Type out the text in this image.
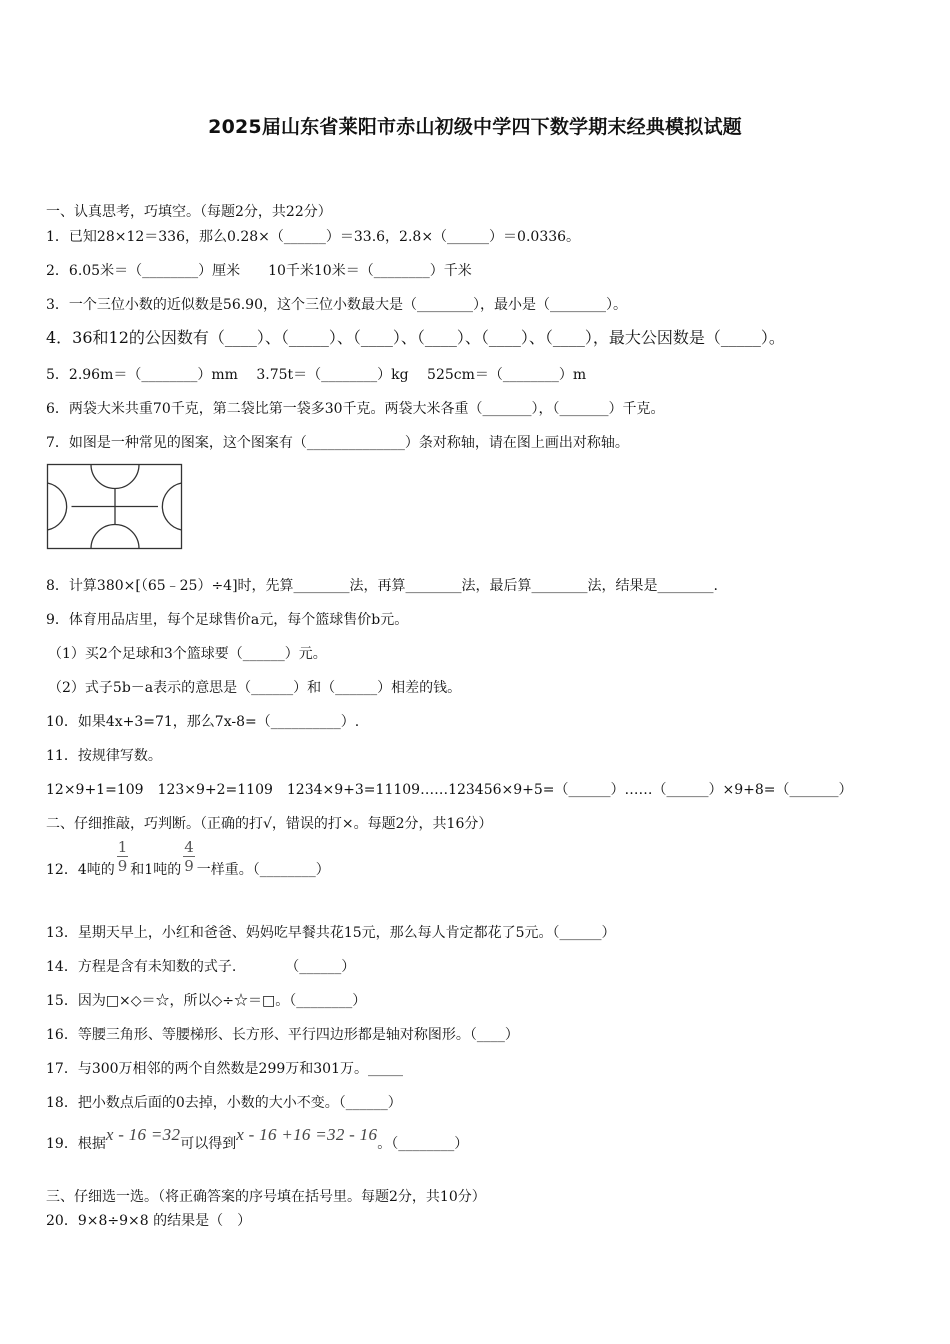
2025届山东省莱阳市赤山初级中学四下数学期末经典模拟试题
一、认真思考，巧填空。（每题2分，共22分）
1．已知28×12＝336，那么0.28×（______）＝33.6，2.8×（______）＝0.0336。
2．6.05米＝（________）厘米　　10千米10米＝（________）千米
3．一个三位小数的近似数是56.90，这个三位小数最大是（________），最小是（________）。
4．36和12的公因数有（____）、（_____）、（____）、（____）、（____）、（____），最大公因数是（_____）。
5．2.96m＝（________）mm　 3.75t＝（________）kg　 525cm＝（________）m
6．两袋大米共重70千克，第二袋比第一袋多30千克。两袋大米各重（_______），（_______）千克。
7．如图是一种常见的图案，这个图案有（______________）条对称轴，请在图上画出对称轴。
8．计算380×[（65﹣25）÷4]时，先算________法，再算________法，最后算________法，结果是________.
9．体育用品店里，每个足球售价a元，每个篮球售价b元。
（1）买2个足球和3个篮球要（______）元。
（2）式子5b－a表示的意思是（______）和（______）相差的钱。
10．如果4x+3=71，那么7x-8=（__________）.
11．按规律写数。
12×9+1=109　123×9+2=1109　1234×9+3=11109……123456×9+5=（______）……（______）×9+8=（_______）
二、仔细推敲，巧判断。（正确的打√，错误的打×。每题2分，共16分）
12．4吨的 $\frac{1}{9}$ 和1吨的 $\frac{4}{9}$ 一样重。（________）
13．星期天早上，小红和爸爸、妈妈吃早餐共花15元，那么每人肯定都花了5元。（______）
14．方程是含有未知数的式子.　　　　（______）
15．因为□×◇＝☆，所以◇÷☆＝□。（________）
16．等腰三角形、等腰梯形、长方形、平行四边形都是轴对称图形。（____）
17．与300万相邻的两个自然数是299万和301万。_____
18．把小数点后面的0去掉，小数的大小不变。（______）
19．根据x - 16 =32可以得到x - 16 +16 =32 - 16。（________）
三、仔细选一选。（将正确答案的序号填在括号里。每题2分，共10分）
20．9×8÷9×8 的结果是（　）
